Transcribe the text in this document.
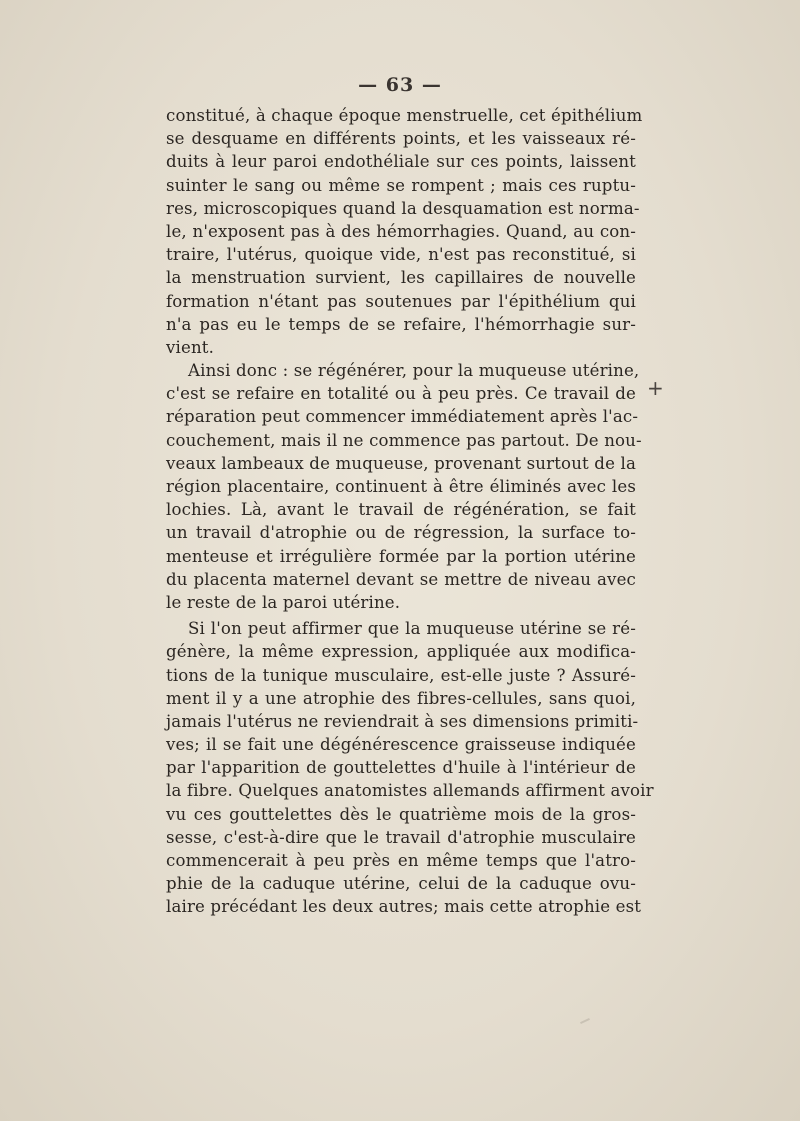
— 63 —
constitué, à chaque époque menstruelle, cet épithélium
se desquame en différents points, et les vaisseaux ré-
duits à leur paroi endothéliale sur ces points, laissent
suinter le sang ou même se rompent ; mais ces ruptu-
res, microscopiques quand la desquamation est norma-
le, n'exposent pas à des hémorrhagies. Quand, au con-
traire, l'utérus, quoique vide, n'est pas reconstitué, si
la menstruation survient, les capillaires de nouvelle
formation n'étant pas soutenues par l'épithélium qui
n'a pas eu le temps de se refaire, l'hémorrhagie sur-
vient.
Ainsi donc : se régénérer, pour la muqueuse utérine,
c'est se refaire en totalité ou à peu près. Ce travail de
réparation peut commencer immédiatement après l'ac-
couchement, mais il ne commence pas partout. De nou-
veaux lambeaux de muqueuse, provenant surtout de la
région placentaire, continuent à être éliminés avec les
lochies. Là, avant le travail de régénération, se fait
un travail d'atrophie ou de régression, la surface to-
menteuse et irrégulière formée par la portion utérine
du placenta maternel devant se mettre de niveau avec
le reste de la paroi utérine.
Si l'on peut affirmer que la muqueuse utérine se ré-
génère, la même expression, appliquée aux modifica-
tions de la tunique musculaire, est-elle juste ? Assuré-
ment il y a une atrophie des fibres-cellules, sans quoi,
jamais l'utérus ne reviendrait à ses dimensions primiti-
ves; il se fait une dégénérescence graisseuse indiquée
par l'apparition de gouttelettes d'huile à l'intérieur de
la fibre. Quelques anatomistes allemands affirment avoir
vu ces gouttelettes dès le quatrième mois de la gros-
sesse, c'est-à-dire que le travail d'atrophie musculaire
commencerait à peu près en même temps que l'atro-
phie de la caduque utérine, celui de la caduque ovu-
laire précédant les deux autres; mais cette atrophie est
+
